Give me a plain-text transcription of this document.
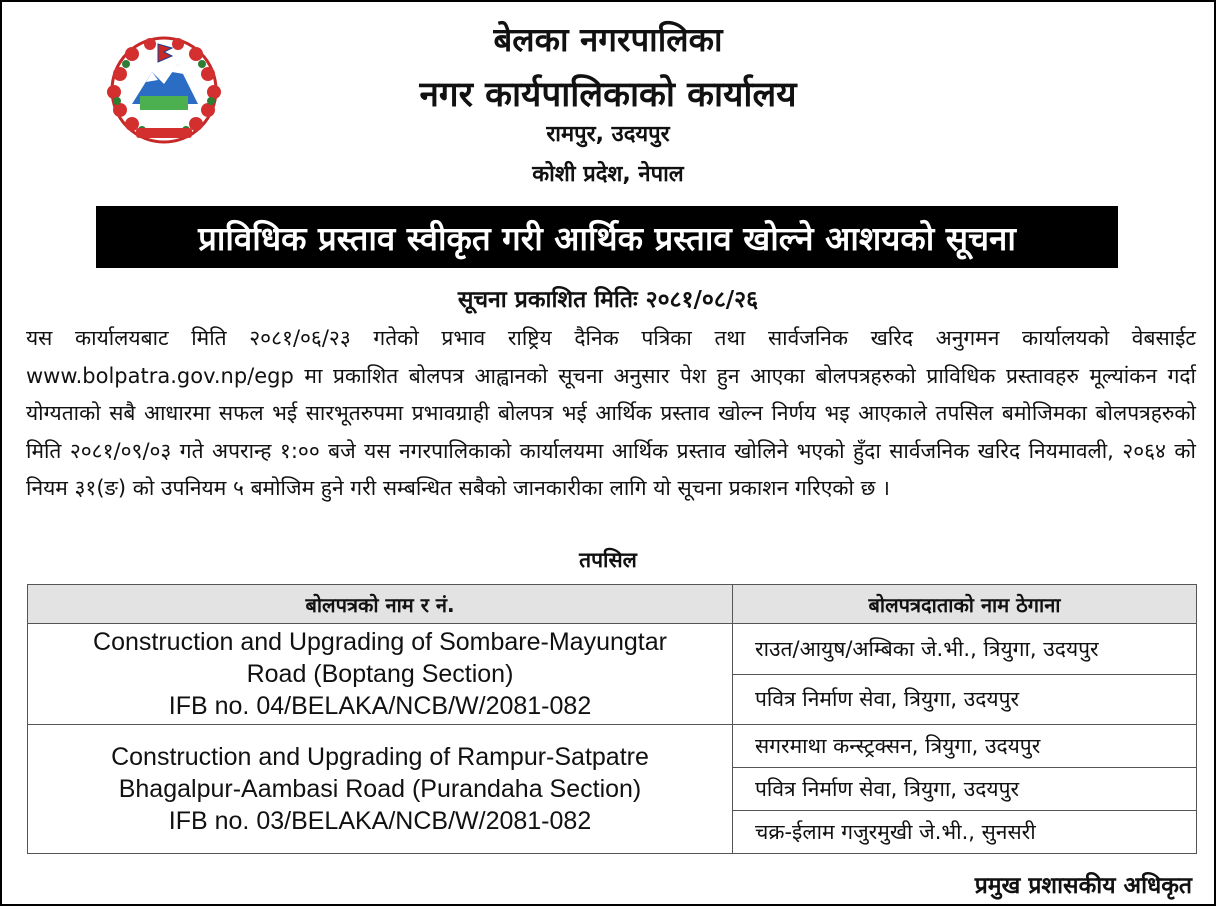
बेलका नगरपालिका
नगर कार्यपालिकाको कार्यालय
रामपुर, उदयपुर
कोशी प्रदेश, नेपाल
प्राविधिक प्रस्ताव स्वीकृत गरी आर्थिक प्रस्ताव खोल्ने आशयको सूचना
सूचना प्रकाशित मितिः २०८१/०८/२६
यस कार्यालयबाट मिति २०८१/०६/२३ गतेको प्रभाव राष्ट्रिय दैनिक पत्रिका तथा सार्वजनिक खरिद अनुगमन कार्यालयको वेबसाईट www.bolpatra.gov.np/egp मा प्रकाशित बोलपत्र आह्वानको सूचना अनुसार पेश हुन आएका बोलपत्रहरुको प्राविधिक प्रस्तावहरु मूल्यांकन गर्दा योग्यताको सबै आधारमा सफल भई सारभूतरुपमा प्रभावग्राही बोलपत्र भई आर्थिक प्रस्ताव खोल्न निर्णय भइ आएकाले तपसिल बमोजिमका बोलपत्रहरुको मिति २०८१/०९/०३ गते अपरान्ह १:०० बजे यस नगरपालिकाको कार्यालयमा आर्थिक प्रस्ताव खोलिने भएको हुँदा सार्वजनिक खरिद नियमावली, २०६४ को नियम ३१(ङ) को उपनियम ५ बमोजिम हुने गरी सम्बन्धित सबैको जानकारीका लागि यो सूचना प्रकाशन गरिएको छ ।
तपसिल
बोलपत्रको नाम र नं.	बोलपत्रदाताको नाम ठेगाना

Construction and Upgrading of Sombare-Mayungtar
Road (Boptang Section)
IFB no. 04/BELAKA/NCB/W/2081-082	राउत/आयुष/अम्बिका जे.भी., त्रियुगा, उदयपुर
	पवित्र निर्माण सेवा, त्रियुगा, उदयपुर

Construction and Upgrading of Rampur-Satpatre
Bhagalpur-Aambasi Road (Purandaha Section)
IFB no. 03/BELAKA/NCB/W/2081-082	सगरमाथा कन्स्ट्रक्सन, त्रियुगा, उदयपुर
	पवित्र निर्माण सेवा, त्रियुगा, उदयपुर
	चक्र-ईलाम गजुरमुखी जे.भी., सुनसरी
प्रमुख प्रशासकीय अधिकृत
